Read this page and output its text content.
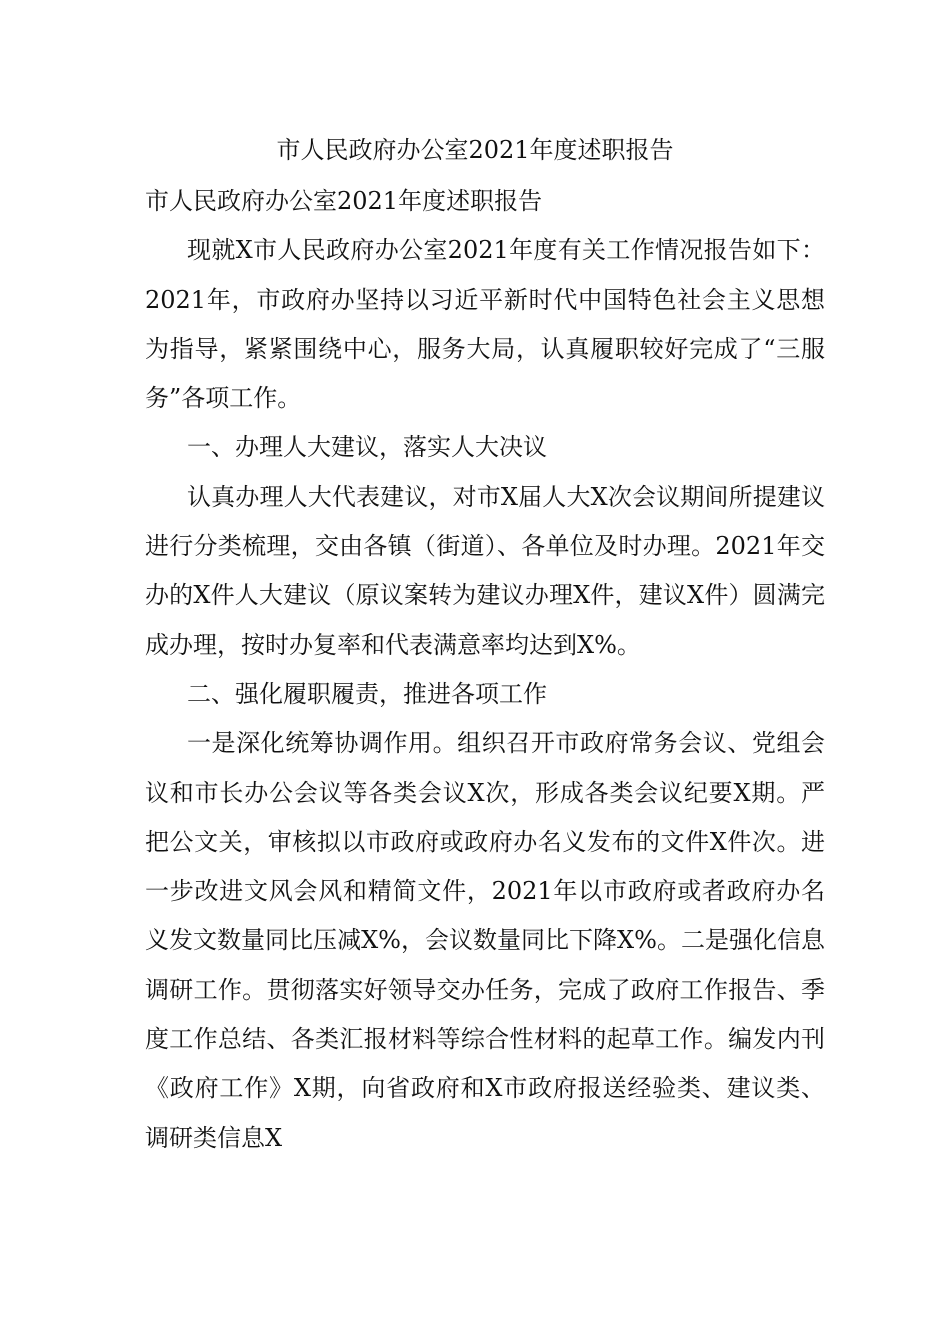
市人民政府办公室2021年度述职报告

市人民政府办公室2021年度述职报告

现就X市人民政府办公室2021年度有关工作情况报告如下：2021年，市政府办坚持以习近平新时代中国特色社会主义思想为指导，紧紧围绕中心，服务大局，认真履职较好完成了“三服务”各项工作。

一、办理人大建议，落实人大决议

认真办理人大代表建议，对市X届人大X次会议期间所提建议进行分类梳理，交由各镇（街道）、各单位及时办理。2021年交办的X件人大建议（原议案转为建议办理X件，建议X件）圆满完成办理，按时办复率和代表满意率均达到X%。

二、强化履职履责，推进各项工作

一是深化统筹协调作用。组织召开市政府常务会议、党组会议和市长办公会议等各类会议X次，形成各类会议纪要X期。严把公文关，审核拟以市政府或政府办名义发布的文件X件次。进一步改进文风会风和精简文件，2021年以市政府或者政府办名义发文数量同比压减X%，会议数量同比下降X%。二是强化信息调研工作。贯彻落实好领导交办任务，完成了政府工作报告、季度工作总结、各类汇报材料等综合性材料的起草工作。编发内刊《政府工作》X期，向省政府和X市政府报送经验类、建议类、调研类信息X
